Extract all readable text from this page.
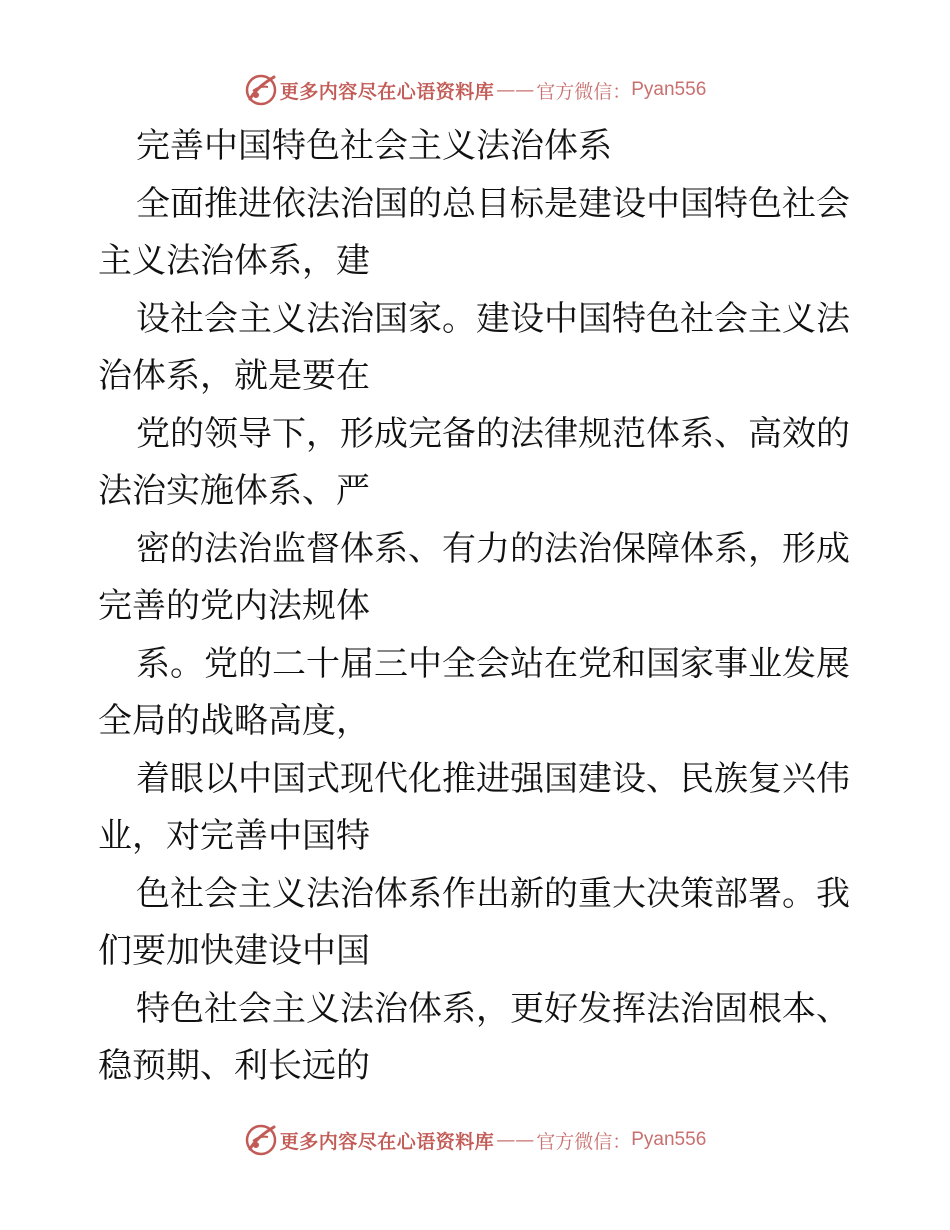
更多内容尽在心语资料库 —— 官方微信： Pyan556
完善中国特色社会主义法治体系
全面推进依法治国的总目标是建设中国特色社会
主义法治体系，建
设社会主义法治国家。建设中国特色社会主义法
治体系，就是要在
党的领导下，形成完备的法律规范体系、高效的
法治实施体系、严
密的法治监督体系、有力的法治保障体系，形成
完善的党内法规体
系。党的二十届三中全会站在党和国家事业发展
全局的战略高度，
着眼以中国式现代化推进强国建设、民族复兴伟
业，对完善中国特
色社会主义法治体系作出新的重大决策部署。我
们要加快建设中国
特色社会主义法治体系，更好发挥法治固根本、
稳预期、利长远的
更多内容尽在心语资料库 —— 官方微信： Pyan556
